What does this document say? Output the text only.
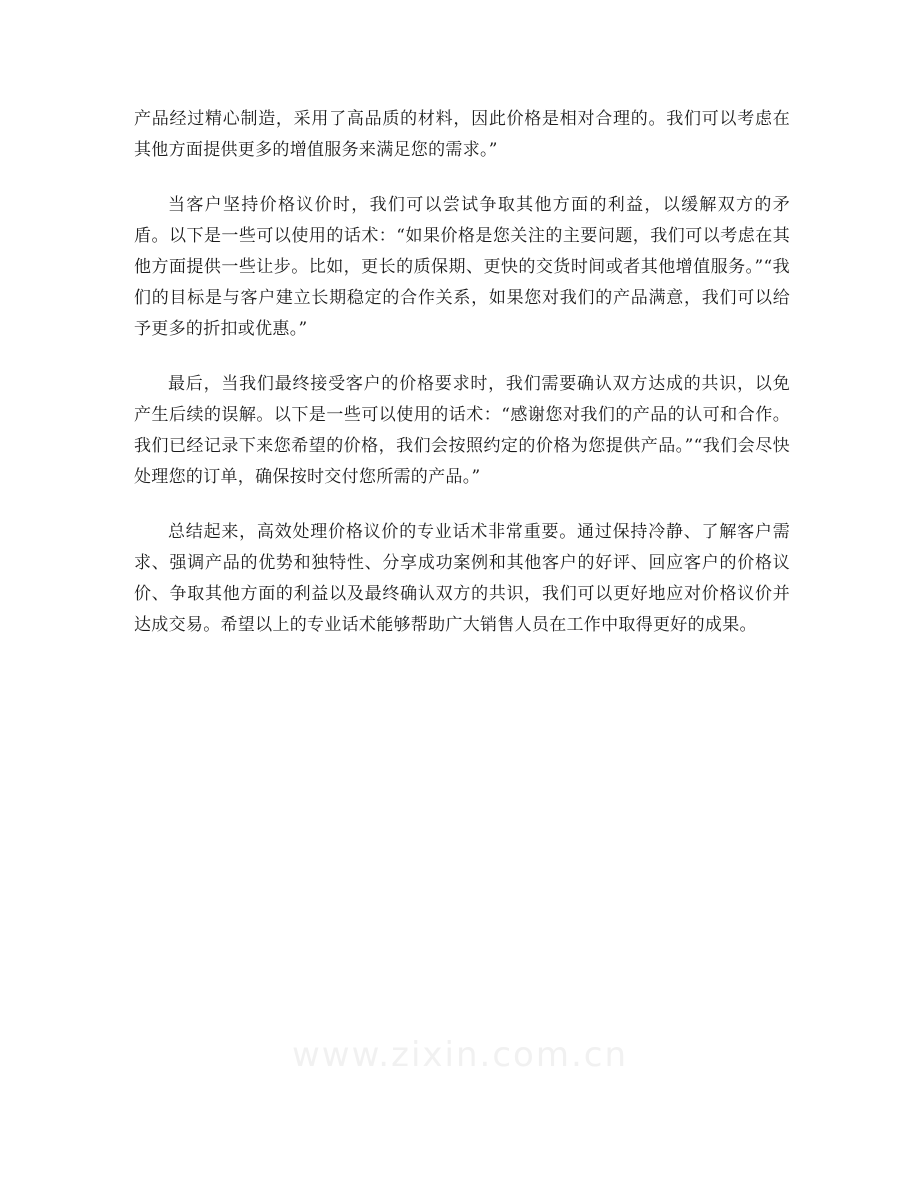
产品经过精心制造，采用了高品质的材料，因此价格是相对合理的。我们可以考虑在其他方面提供更多的增值服务来满足您的需求。”

当客户坚持价格议价时，我们可以尝试争取其他方面的利益，以缓解双方的矛盾。以下是一些可以使用的话术：“如果价格是您关注的主要问题，我们可以考虑在其他方面提供一些让步。比如，更长的质保期、更快的交货时间或者其他增值服务。”“我们的目标是与客户建立长期稳定的合作关系，如果您对我们的产品满意，我们可以给予更多的折扣或优惠。”

最后，当我们最终接受客户的价格要求时，我们需要确认双方达成的共识，以免产生后续的误解。以下是一些可以使用的话术：“感谢您对我们的产品的认可和合作。我们已经记录下来您希望的价格，我们会按照约定的价格为您提供产品。”“我们会尽快处理您的订单，确保按时交付您所需的产品。”

总结起来，高效处理价格议价的专业话术非常重要。通过保持冷静、了解客户需求、强调产品的优势和独特性、分享成功案例和其他客户的好评、回应客户的价格议价、争取其他方面的利益以及最终确认双方的共识，我们可以更好地应对价格议价并达成交易。希望以上的专业话术能够帮助广大销售人员在工作中取得更好的成果。

www.zixin.com.cn
